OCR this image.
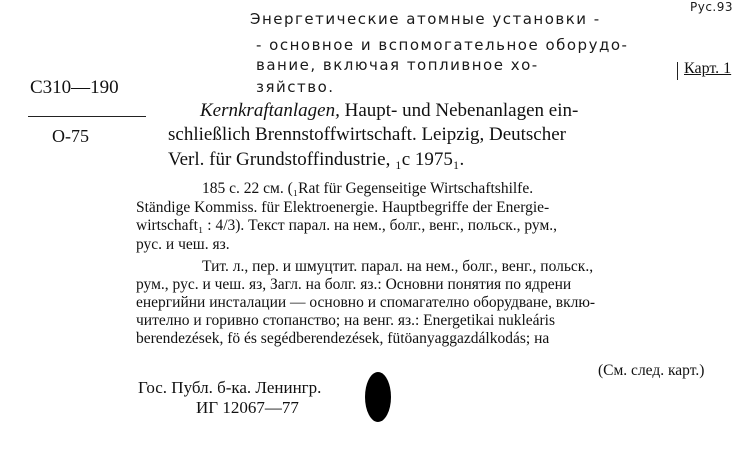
Энергетические атомные установки -
Рус.93
- основное и вспомогательное оборудо-
вание, включая топливное хо-
зяйство.
Карт. 1
С310—190
О-75
Kernkraftanlagen, Haupt- und Nebenanlagen ein-
schließlich Brennstoffwirtschaft. Leipzig, Deutscher
Verl. für Grundstoffindustrie, ₁c 1975₁.
185 с. 22 см. (₁Rat für Gegenseitige Wirtschaftshilfe.
Ständige Kommiss. für Elektroenergie. Hauptbegriffe der Energie-
wirtschaft₁ : 4/3). Текст парал. на нем., болг., венг., польск., рум.,
рус. и чеш. яз.
Тит. л., пер. и шмуцтит. парал. на нем., болг., венг., польск.,
рум., рус. и чеш. яз, Загл. на болг. яз.: Основни понятия по ядрени
енергийни инсталации — основно и спомагателно оборудване, вклю-
чително и горивно стопанство; на венг. яз.: Energetikai nukleáris
berendezések, fö és segédberendezések, fütöanyaggazdálkodás; на
(См. след. карт.)
Гос. Публ. б-ка. Ленингр.
ИГ 12067—77
